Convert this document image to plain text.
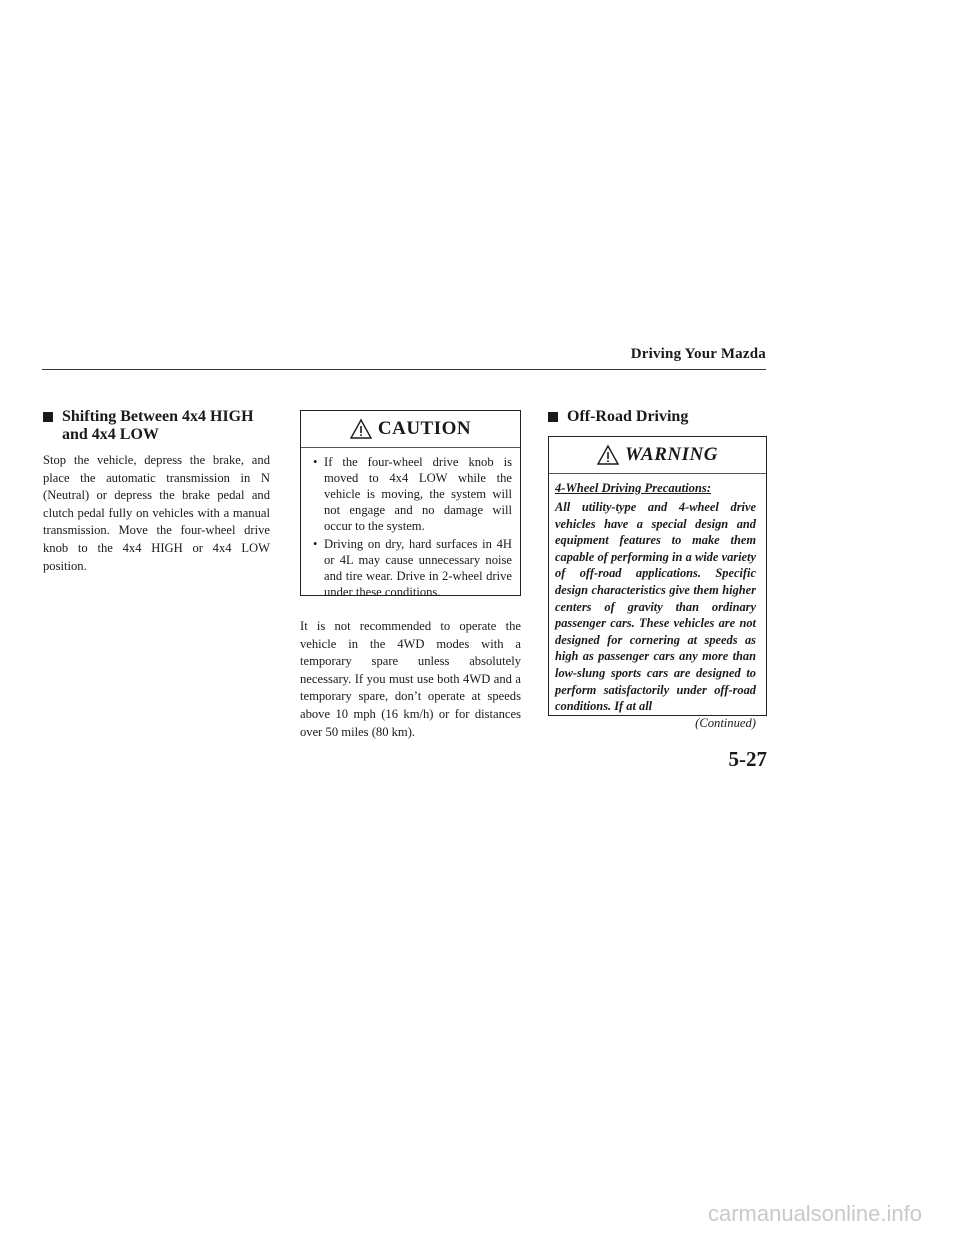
Driving Your Mazda
Shifting Between 4x4 HIGH and 4x4 LOW
Stop the vehicle, depress the brake, and place the automatic transmission in N (Neutral) or depress the brake pedal and clutch pedal fully on vehicles with a manual transmission. Move the four-wheel drive knob to the 4x4 HIGH or 4x4 LOW position.
CAUTION
• If the four-wheel drive knob is moved to 4x4 LOW while the vehicle is moving, the system will not engage and no damage will occur to the system.
• Driving on dry, hard surfaces in 4H or 4L may cause unnecessary noise and tire wear. Drive in 2-wheel drive under these conditions.
It is not recommended to operate the vehicle in the 4WD modes with a temporary spare unless absolutely necessary. If you must use both 4WD and a temporary spare, don’t operate at speeds above 10 mph (16 km/h) or for distances over 50 miles (80 km).
Off-Road Driving
WARNING
4-Wheel Driving Precautions:
All utility-type and 4-wheel drive vehicles have a special design and equipment features to make them capable of performing in a wide variety of off-road applications. Specific design characteristics give them higher centers of gravity than ordinary passenger cars. These vehicles are not designed for cornering at speeds as high as passenger cars any more than low-slung sports cars are designed to perform satisfactorily under off-road conditions. If at all
(Continued)
5-27
carmanualsonline.info
